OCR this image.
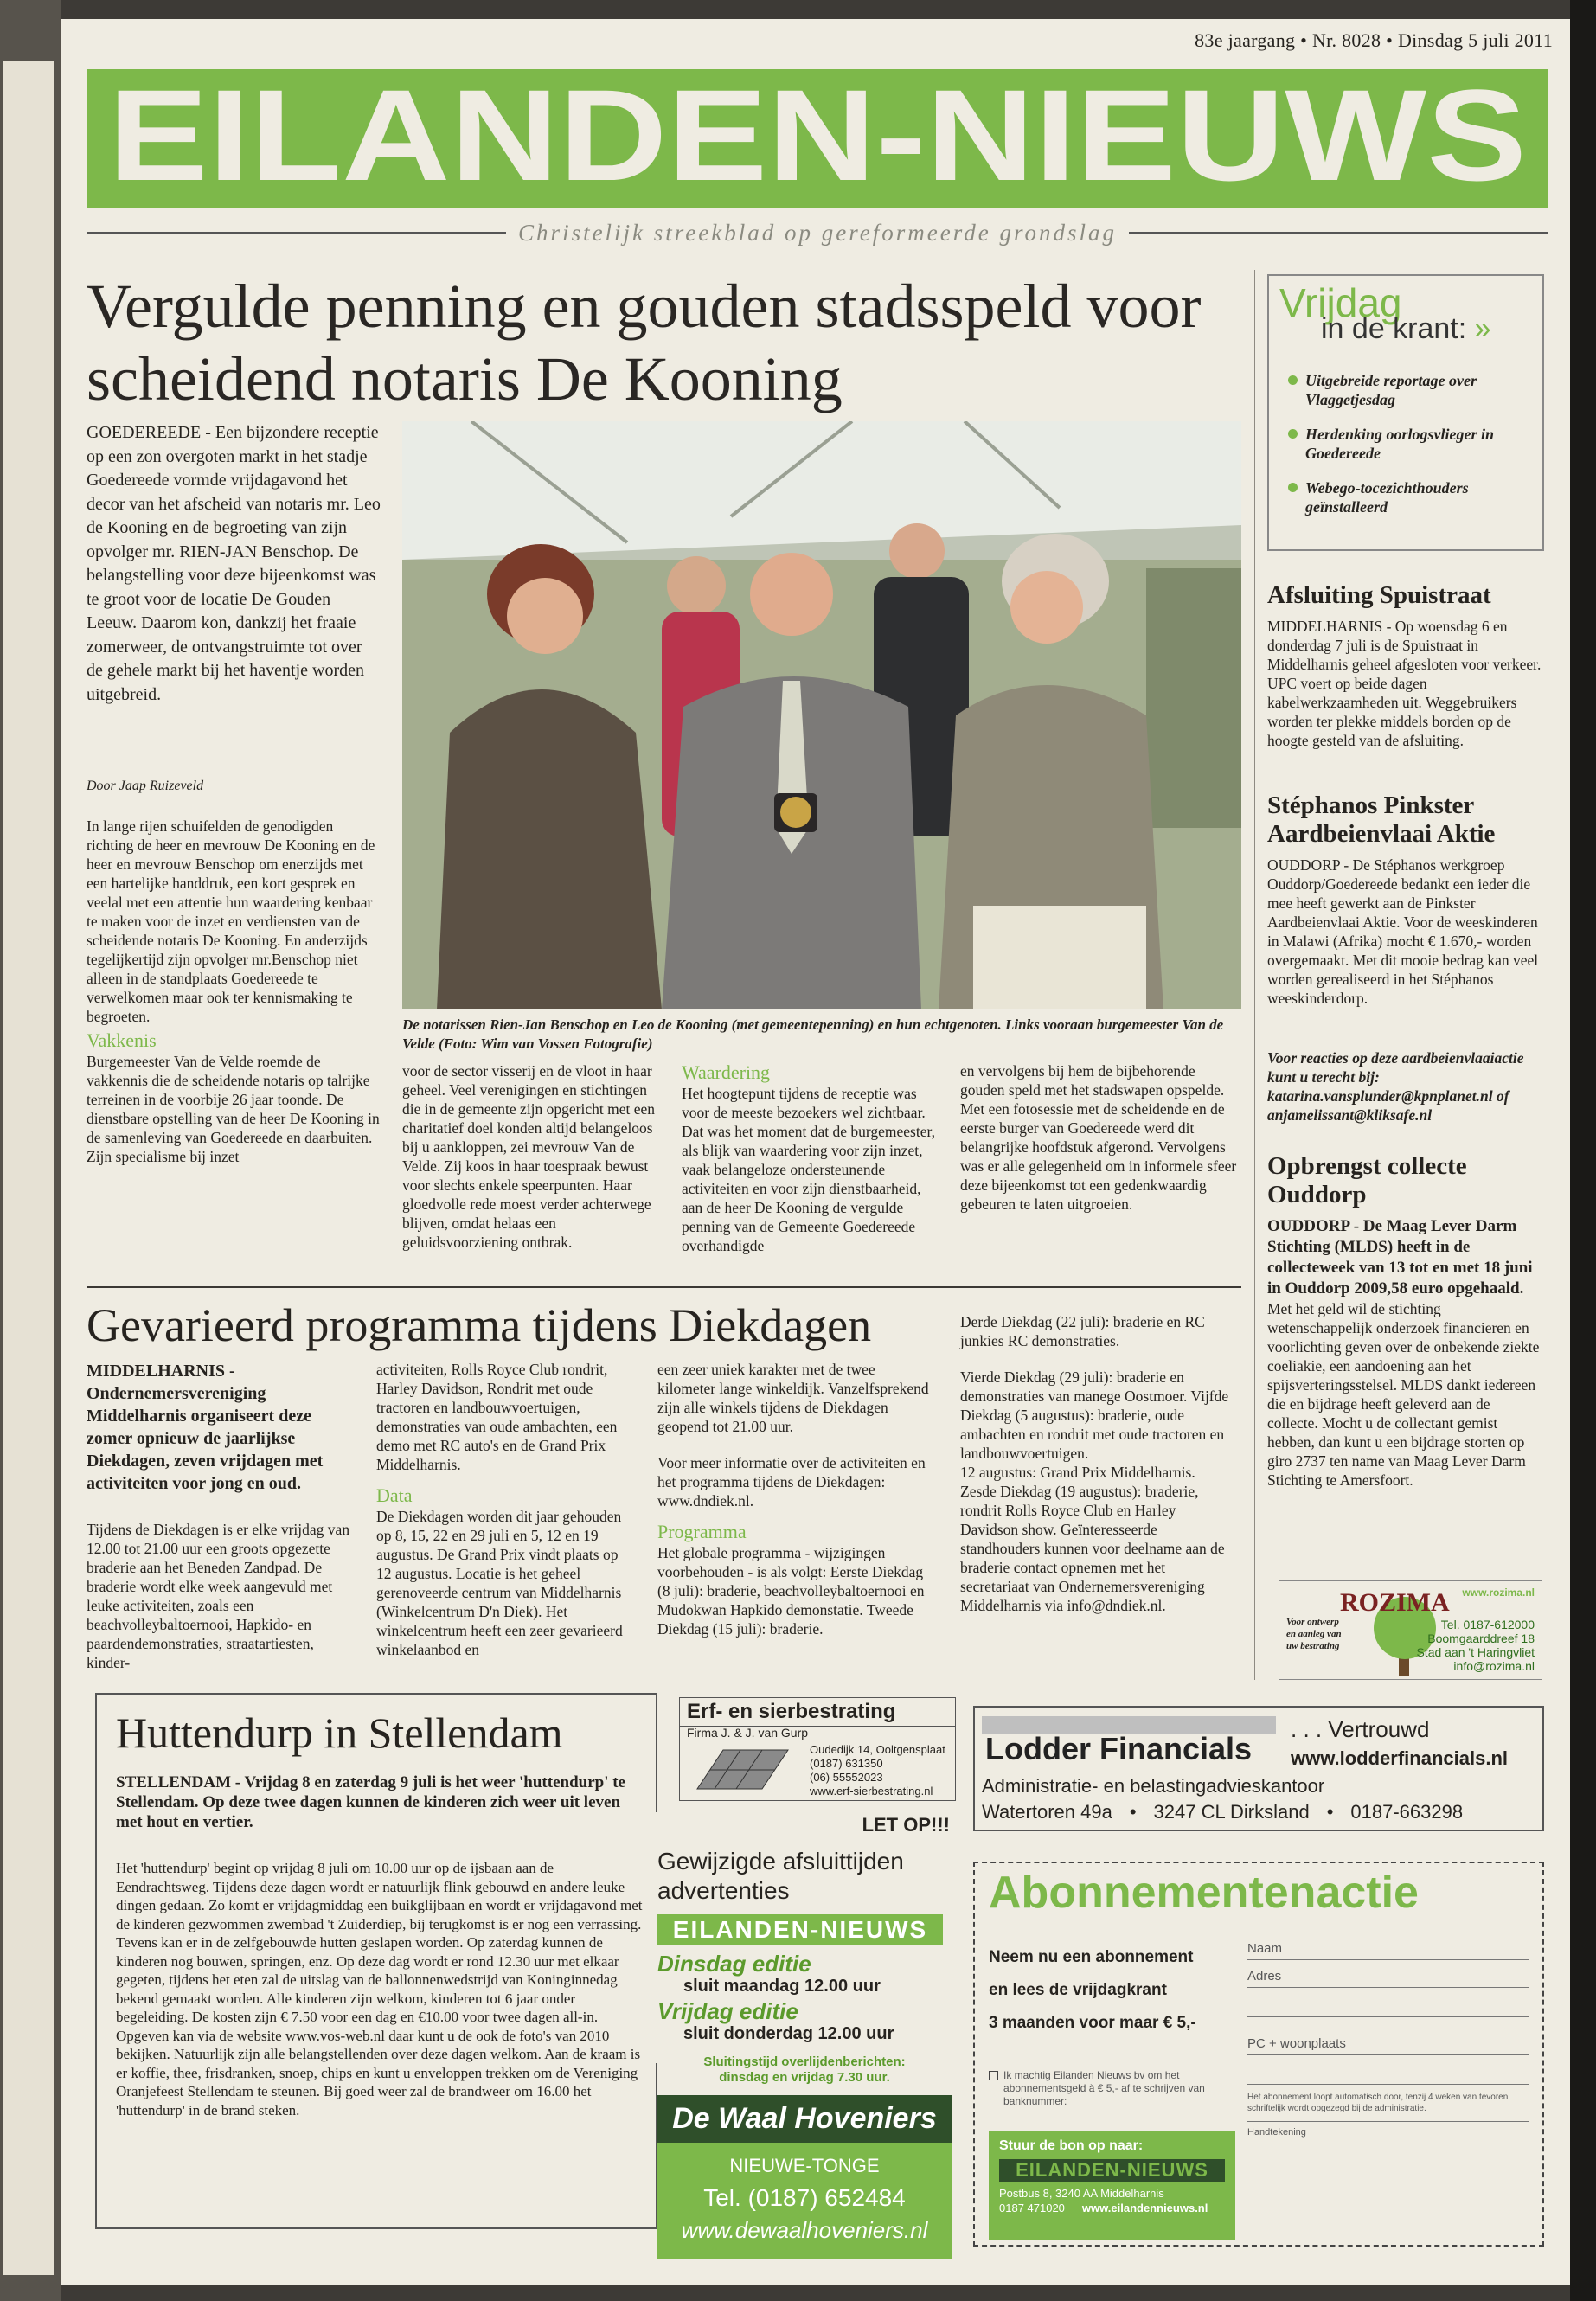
83e jaargang • Nr. 8028 • Dinsdag 5 juli 2011
EILANDEN-NIEUWS
Christelijk streekblad op gereformeerde grondslag
Vergulde penning en gouden stadsspeld voor scheidend notaris De Kooning
GOEDEREEDE - Een bijzondere receptie op een zon overgoten markt in het stadje Goedereede vormde vrijdagavond het decor van het afscheid van notaris mr. Leo de Kooning en de begroeting van zijn opvolger mr. RIEN-JAN Benschop. De belangstelling voor deze bijeenkomst was te groot voor de locatie De Gouden Leeuw. Daarom kon, dankzij het fraaie zomerweer, de ontvangstruimte tot over de gehele markt bij het haventje worden uitgebreid.
Door Jaap Ruizeveld

In lange rijen schuifelden de genodigden richting de heer en mevrouw De Kooning en de heer en mevrouw Benschop om enerzijds met een hartelijke handdruk, een kort gesprek en veelal met een attentie hun waardering kenbaar te maken voor de inzet en verdiensten van de scheidende notaris De Kooning. En anderzijds tegelijkertijd zijn opvolger mr.Benschop niet alleen in de standplaats Goedereede te verwelkomen maar ook ter kennismaking te begroeten.

Vakkenis

Burgemeester Van de Velde roemde de vakkennis die de scheidende notaris op talrijke terreinen in de voorbije 26 jaar toonde. De dienstbare opstelling van de heer De Kooning in de samenleving van Goedereede en daarbuiten. Zijn specialisme bij inzet

De notarissen Rien-Jan Benschop en Leo de Kooning (met gemeentepenning) en hun echtgenoten. Links vooraan burgemeester Van de Velde (Foto: Wim van Vossen Fotografie)
voor de sector visserij en de vloot in haar geheel. Veel verenigingen en stichtingen die in de gemeente zijn opgericht met een charitatief doel konden altijd belangeloos bij u aankloppen, zei mevrouw Van de Velde. Zij koos in haar toespraak bewust voor slechts enkele speerpunten. Haar gloedvolle rede moest verder achterwege blijven, omdat helaas een geluidsvoorziening ontbrak.

Waardering

Het hoogtepunt tijdens de receptie was voor de meeste bezoekers wel zichtbaar. Dat was het moment dat de burgemeester, als blijk van waardering voor zijn inzet, vaak belangeloze ondersteunende activiteiten en voor zijn dienstbaarheid, aan de heer De Kooning de vergulde penning van de Gemeente Goedereede overhandigde

en vervolgens bij hem de bijbehorende gouden speld met het stadswapen opspelde. Met een fotosessie met de scheidende en de eerste burger van Goedereede werd dit belangrijke hoofdstuk afgerond. Vervolgens was er alle gelegenheid om in informele sfeer deze bijeenkomst tot een gedenkwaardig gebeuren te laten uitgroeien.
Gevarieerd programma tijdens Diekdagen
MIDDELHARNIS - Ondernemersvereniging Middelharnis organiseert deze zomer opnieuw de jaarlijkse Diekdagen, zeven vrijdagen met activiteiten voor jong en oud.
Tijdens de Diekdagen is er elke vrijdag van 12.00 tot 21.00 uur een groots opgezette braderie aan het Beneden Zandpad. De braderie wordt elke week aangevuld met leuke activiteiten, zoals een beachvolleybaltoernooi, Hapkido- en paardendemonstraties, straatartiesten, kinder-

activiteiten, Rolls Royce Club rondrit, Harley Davidson, Rondrit met oude tractoren en landbouwvoertuigen, demonstraties van oude ambachten, een demo met RC auto's en de Grand Prix Middelharnis.

Data

De Diekdagen worden dit jaar gehouden op 8, 15, 22 en 29 juli en 5, 12 en 19 augustus. De Grand Prix vindt plaats op 12 augustus. Locatie is het geheel gerenoveerde centrum van Middelharnis (Winkelcentrum D'n Diek). Het winkelcentrum heeft een zeer gevarieerd winkelaanbod en

een zeer uniek karakter met de twee kilometer lange winkeldijk. Vanzelfsprekend zijn alle winkels tijdens de Diekdagen geopend tot 21.00 uur.

Voor meer informatie over de activiteiten en het programma tijdens de Diekdagen: www.dndiek.nl.

Programma

Het globale programma - wijzigingen voorbehouden - is als volgt: Eerste Diekdag (8 juli): braderie, beachvolleybaltoernooi en Mudokwan Hapkido demonstatie. Tweede Diekdag (15 juli): braderie.

Derde Diekdag (22 juli): braderie en RC junkies RC demonstraties.

Vierde Diekdag (29 juli): braderie en demonstraties van manege Oostmoer. Vijfde Diekdag (5 augustus): braderie, oude ambachten en rondrit met oude tractoren en landbouwvoertuigen.

12 augustus: Grand Prix Middelharnis.

Zesde Diekdag (19 augustus): braderie, rondrit Rolls Royce Club en Harley Davidson show. Geïnteresseerde standhouders kunnen voor deelname aan de braderie contact opnemen met het secretariaat van Ondernemersvereniging Middelharnis via info@dndiek.nl.

Vrijdag
in de krant: »
Uitgebreide reportage over Vlaggetjesdag
Herdenking oorlogsvlieger in Goedereede
Webego-tocezichthouders geïnstalleerd
Afsluiting Spuistraat
MIDDELHARNIS - Op woensdag 6 en donderdag 7 juli is de Spuistraat in Middelharnis geheel afgesloten voor verkeer. UPC voert op beide dagen kabelwerkzaamheden uit. Weggebruikers worden ter plekke middels borden op de hoogte gesteld van de afsluiting.
Stéphanos Pinkster Aardbeienvlaai Aktie
OUDDORP - De Stéphanos werkgroep Ouddorp/Goedereede bedankt een ieder die mee heeft gewerkt aan de Pinkster Aardbeienvlaai Aktie. Voor de weeskinderen in Malawi (Afrika) mocht € 1.670,- worden overgemaakt. Met dit mooie bedrag kan veel worden gerealiseerd in het Stéphanos weeskinderdorp.
Voor reacties op deze aardbeienvlaaiactie kunt u terecht bij: katarina.vansplunder@kpnplanet.nl of anjamelissant@kliksafe.nl
Opbrengst collecte Ouddorp
OUDDORP - De Maag Lever Darm Stichting (MLDS) heeft in de collecteweek van 13 tot en met 18 juni in Ouddorp 2009,58 euro opgehaald.
Met het geld wil de stichting wetenschappelijk onderzoek financieren en voorlichting geven over de onbekende ziekte coeliakie, een aandoening aan het spijsverteringsstelsel. MLDS dankt iedereen die en bijdrage heeft geleverd aan de collecte. Mocht u de collectant gemist hebben, dan kunt u een bijdrage storten op giro 2737 ten name van Maag Lever Darm Stichting te Amersfoort.
ROZIMA
Voor ontwerp en aanleg van uw bestrating
www.rozima.nl
Tel. 0187-612000
Boomgaarddreef 18
Stad aan 't Haringvliet
info@rozima.nl
Huttendurp in Stellendam
STELLENDAM - Vrijdag 8 en zaterdag 9 juli is het weer 'huttendurp' te Stellendam. Op deze twee dagen kunnen de kinderen zich weer uit leven met hout en vertier.
Het 'huttendurp' begint op vrijdag 8 juli om 10.00 uur op de ijsbaan aan de Eendrachtsweg. Tijdens deze dagen wordt er natuurlijk flink gebouwd en andere leuke dingen gedaan. Zo komt er vrijdagmiddag een buikglijbaan en wordt er vrijdagavond met de kinderen gezwommen zwembad 't Zuiderdiep, bij terugkomst is er nog een verrassing. Tevens kan er in de zelfgebouwde hutten geslapen worden. Op zaterdag kunnen de kinderen nog bouwen, springen, enz. Op deze dag wordt er rond 12.30 uur met elkaar gegeten, tijdens het eten zal de uitslag van de ballonnenwedstrijd van Koninginnedag bekend gemaakt worden. Alle kinderen zijn welkom, kinderen tot 6 jaar onder begeleiding. De kosten zijn € 7.50 voor een dag en €10.00 voor twee dagen all-in. Opgeven kan via de website www.vos-web.nl daar kunt u de ook de foto's van 2010 bekijken. Natuurlijk zijn alle belangstellenden over deze dagen welkom. Aan de kraam is er koffie, thee, frisdranken, snoep, chips en kunt u enveloppen trekken om de Vereniging Oranjefeest Stellendam te steunen. Bij goed weer zal de brandweer om 16.00 het 'huttendurp' in de brand steken.
Erf- en sierbestrating
Firma J. & J. van Gurp
Oudedijk 14, Ooltgensplaat
(0187) 631350
(06) 55552023
www.erf-sierbestrating.nl
LET OP!!!
Gewijzigde afsluittijden advertenties
EILANDEN-NIEUWS
Dinsdag editie
sluit maandag 12.00 uur
Vrijdag editie
sluit donderdag 12.00 uur
Sluitingstijd overlijdenberichten: dinsdag en vrijdag 7.30 uur.
De Waal Hoveniers
NIEUWE-TONGE
Tel. (0187) 652484
www.dewaalhoveniers.nl
Lodder Financials
. . . Vertrouwd
www.lodderfinancials.nl
Administratie- en belastingadvieskantoor
Watertoren 49a • 3247 CL Dirksland • 0187-663298
Abonnementenactie
Neem nu een abonnement
en lees de vrijdagkrant
3 maanden voor maar € 5,-
Ik machtig Eilanden Nieuws bv om het abonnementsgeld à € 5,- af te schrijven van banknummer:
Stuur de bon op naar:
EILANDEN-NIEUWS
Postbus 8, 3240 AA Middelharnis
0187 471020 www.eilandennieuws.nl
Naam
Adres
PC + woonplaats
Het abonnement loopt automatisch door, tenzij 4 weken van tevoren schriftelijk wordt opgezegd bij de administratie.
Handtekening
